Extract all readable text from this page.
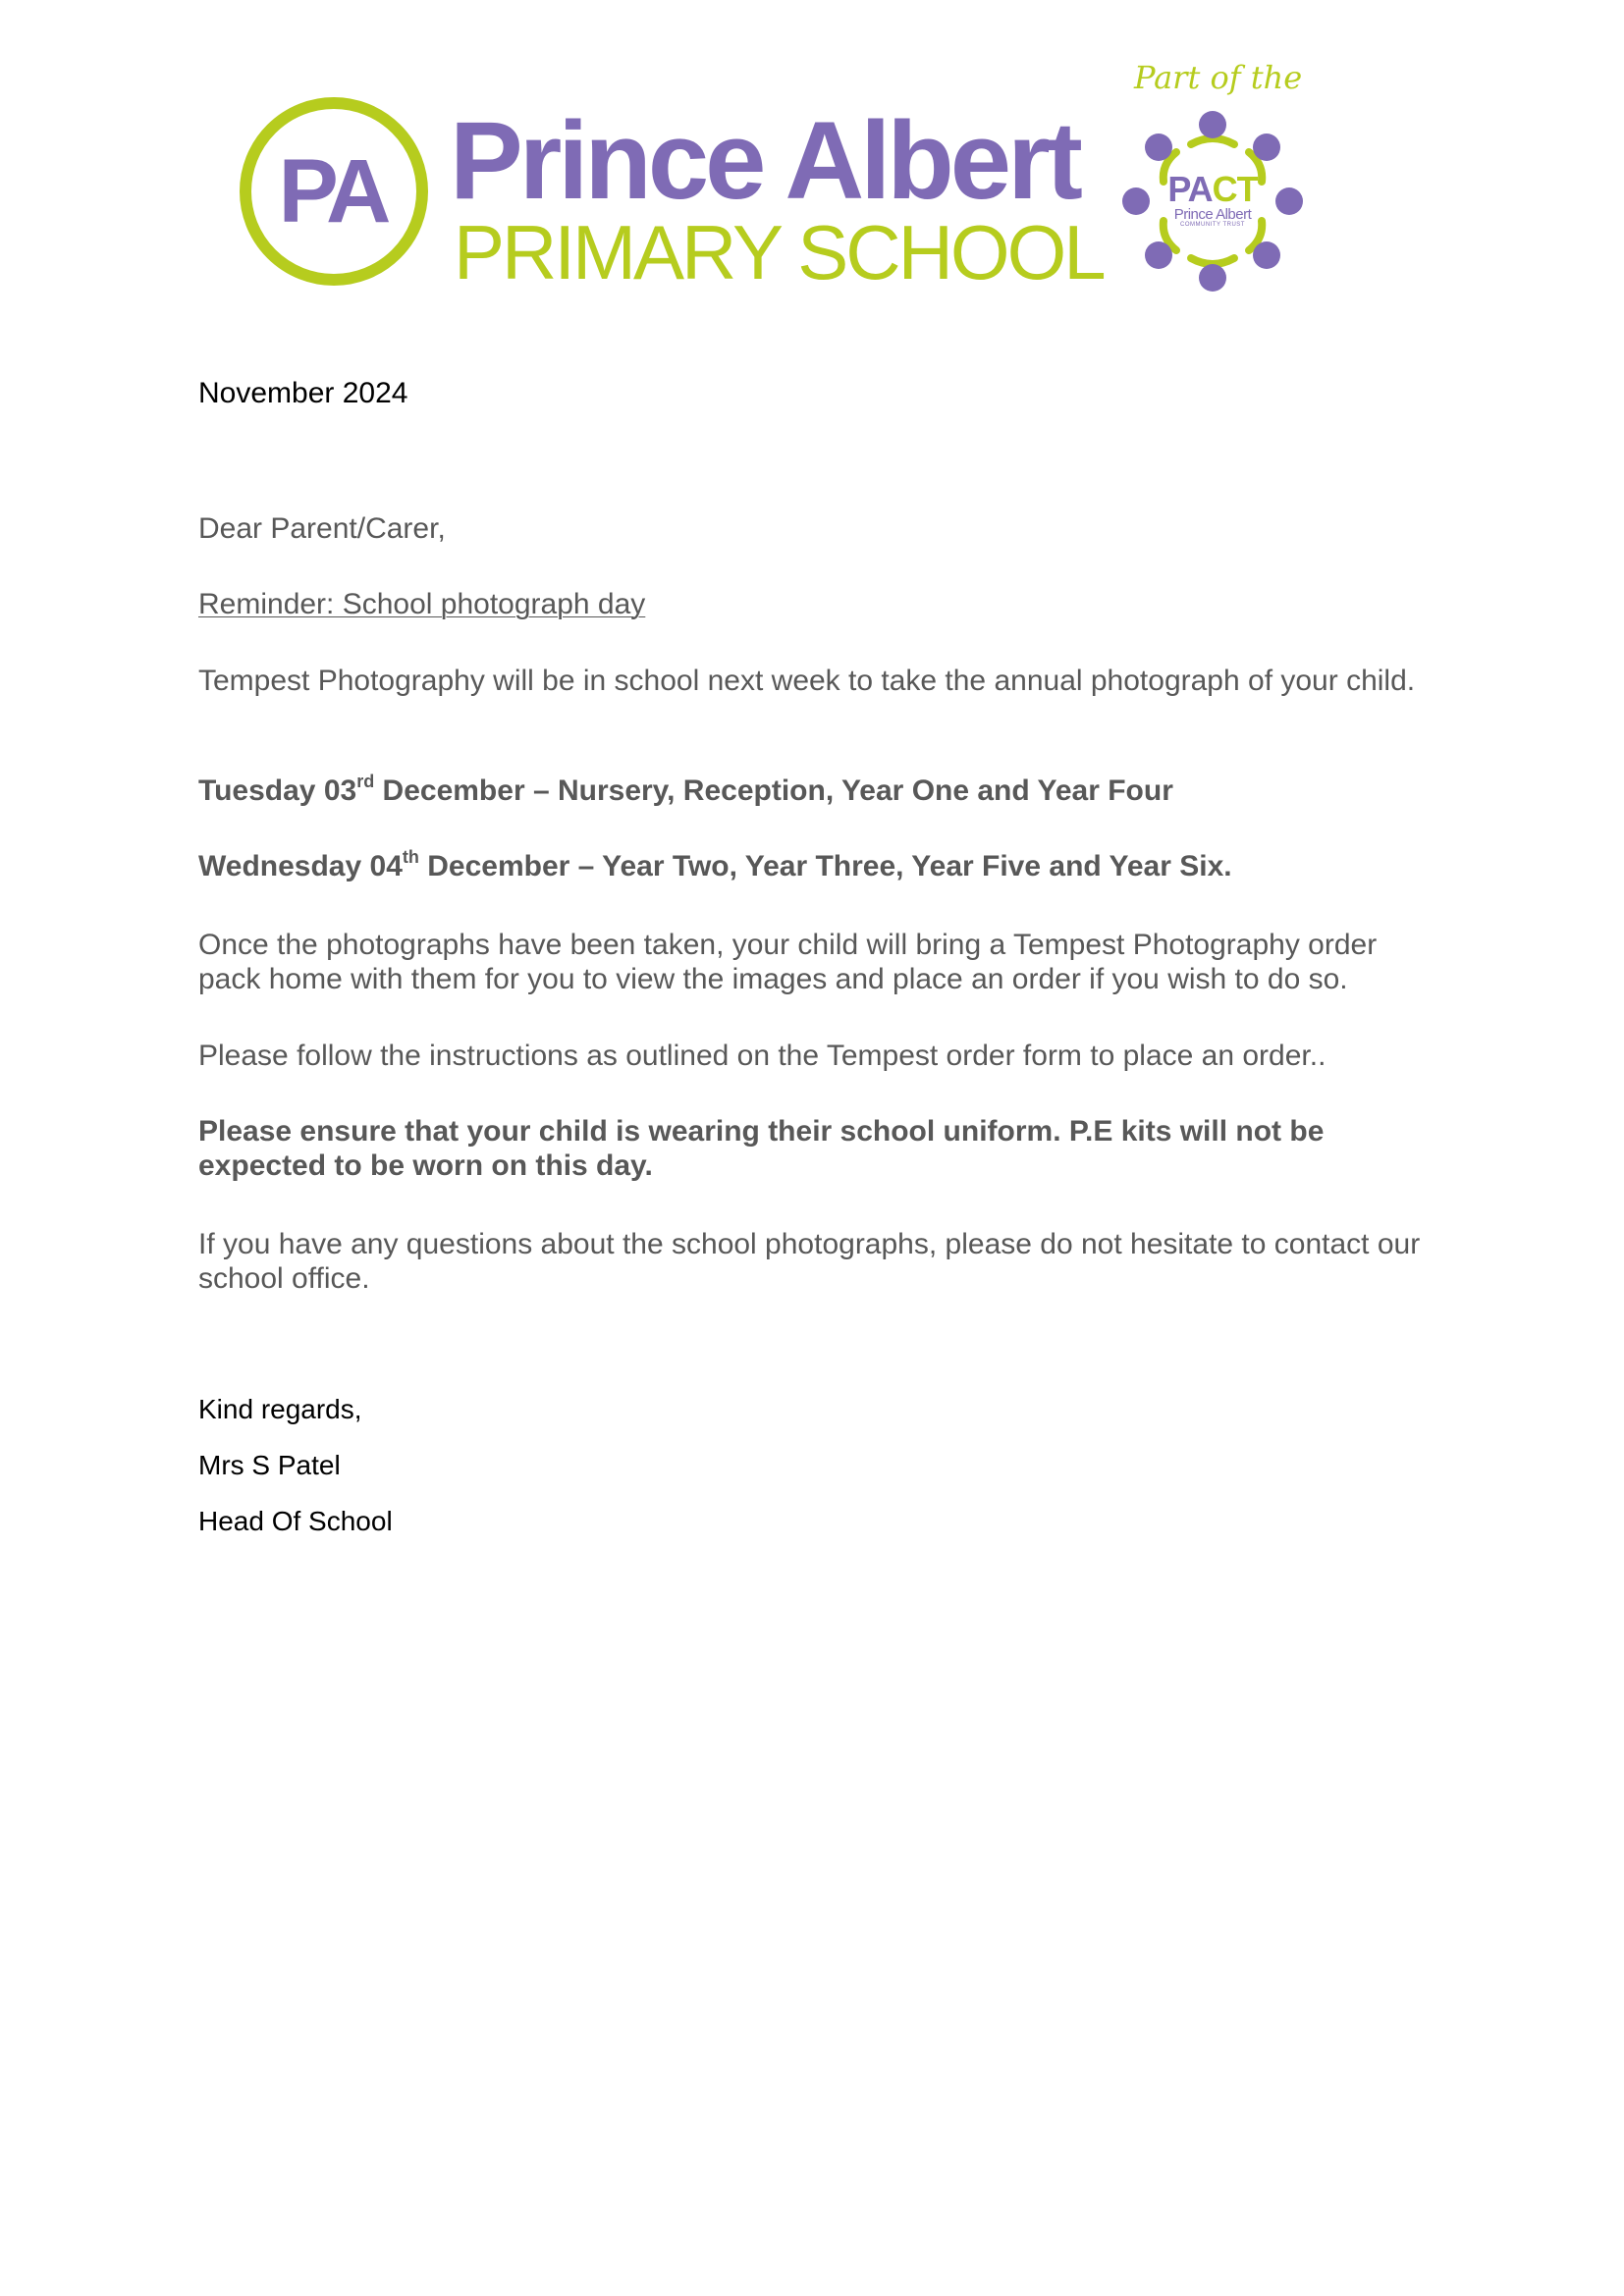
PA Prince Albert
PRIMARY SCHOOL
Part of the
PACT
Prince Albert
COMMUNITY TRUST

November 2024

Dear Parent/Carer,

Reminder: School photograph day

Tempest Photography will be in school next week to take the annual photograph of your child.

Tuesday 03rd December – Nursery, Reception, Year One and Year Four

Wednesday 04th December – Year Two, Year Three, Year Five and Year Six.

Once the photographs have been taken, your child will bring a Tempest Photography order pack home with them for you to view the images and place an order if you wish to do so.

Please follow the instructions as outlined on the Tempest order form to place an order..

Please ensure that your child is wearing their school uniform. P.E kits will not be expected to be worn on this day.

If you have any questions about the school photographs, please do not hesitate to contact our school office.

Kind regards,

Mrs S Patel

Head Of School
